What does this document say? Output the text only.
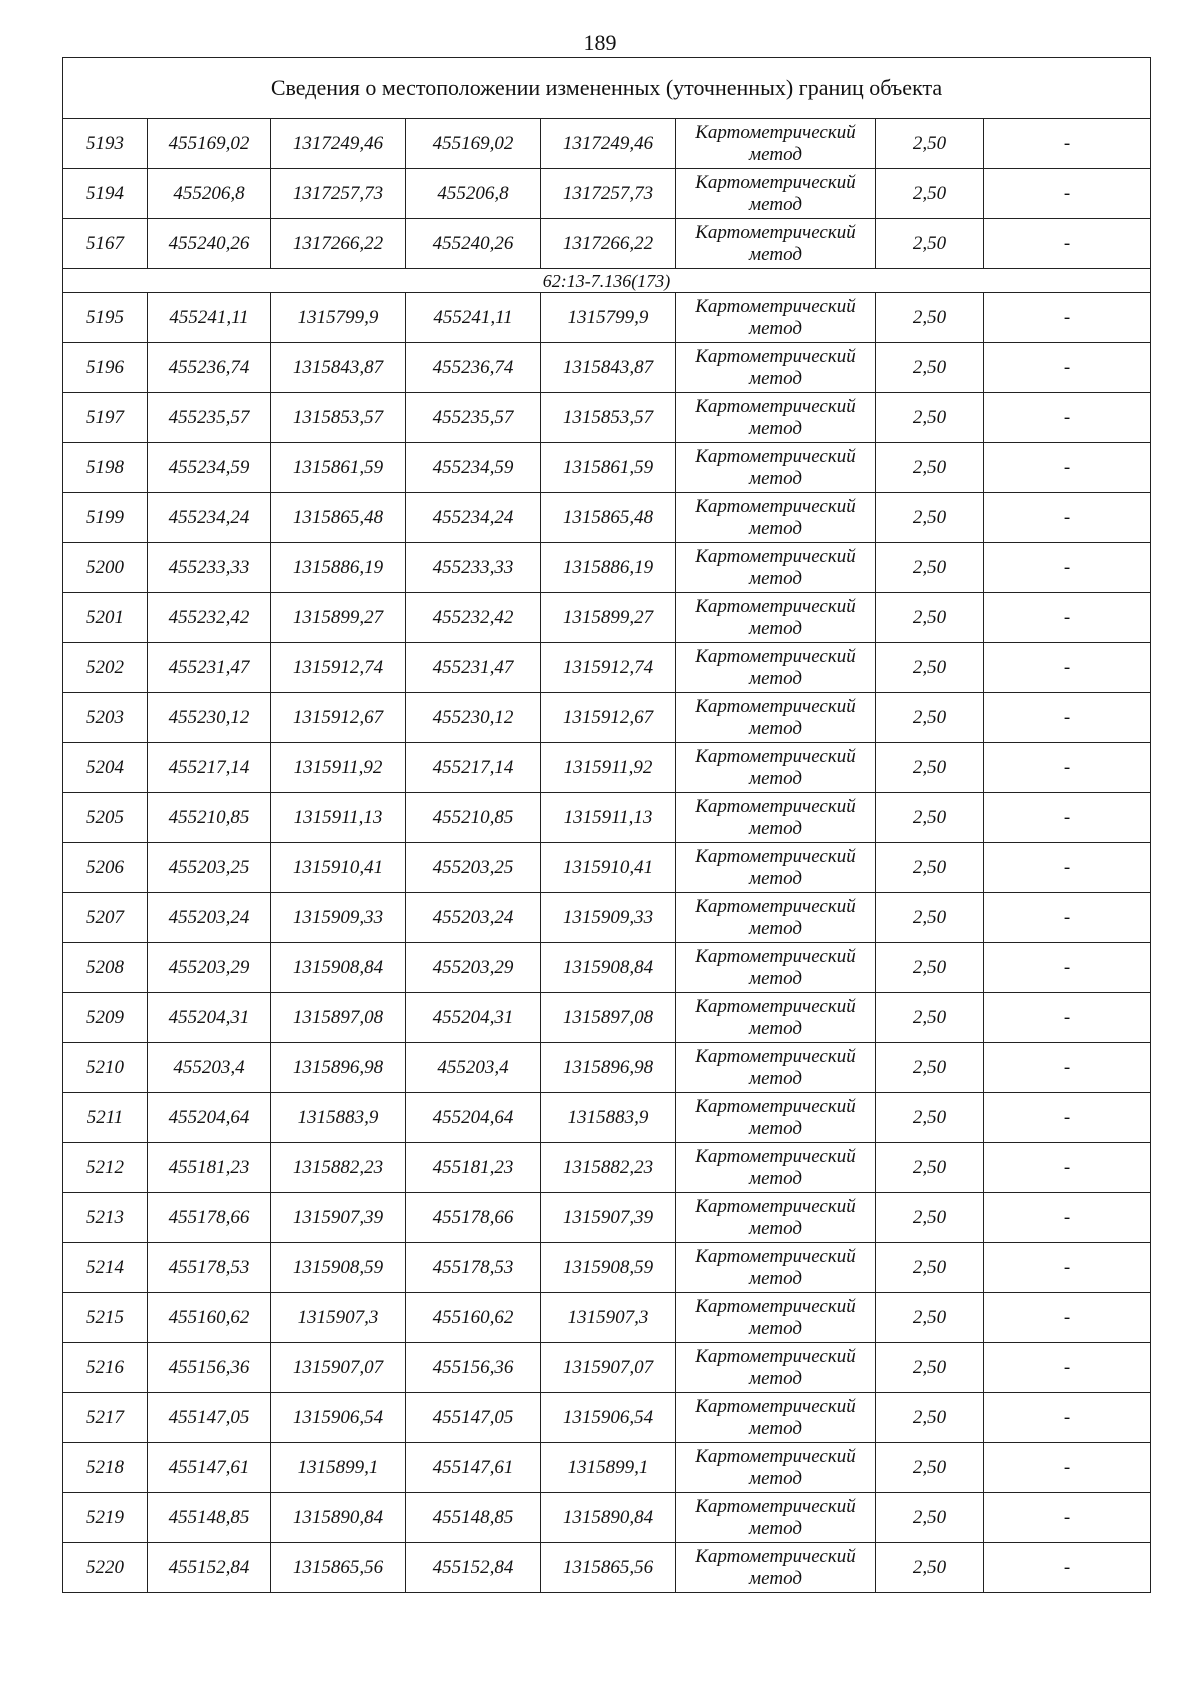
189
Сведения о местоположении измененных (уточненных) границ объекта							
5193	455169,02	1317249,46	455169,02	1317249,46	Картометрический
метод	2,50	-
5194	455206,8	1317257,73	455206,8	1317257,73	Картометрический
метод	2,50	-
5167	455240,26	1317266,22	455240,26	1317266,22	Картометрический
метод	2,50	-
62:13-7.136(173)							
5195	455241,11	1315799,9	455241,11	1315799,9	Картометрический
метод	2,50	-
5196	455236,74	1315843,87	455236,74	1315843,87	Картометрический
метод	2,50	-
5197	455235,57	1315853,57	455235,57	1315853,57	Картометрический
метод	2,50	-
5198	455234,59	1315861,59	455234,59	1315861,59	Картометрический
метод	2,50	-
5199	455234,24	1315865,48	455234,24	1315865,48	Картометрический
метод	2,50	-
5200	455233,33	1315886,19	455233,33	1315886,19	Картометрический
метод	2,50	-
5201	455232,42	1315899,27	455232,42	1315899,27	Картометрический
метод	2,50	-
5202	455231,47	1315912,74	455231,47	1315912,74	Картометрический
метод	2,50	-
5203	455230,12	1315912,67	455230,12	1315912,67	Картометрический
метод	2,50	-
5204	455217,14	1315911,92	455217,14	1315911,92	Картометрический
метод	2,50	-
5205	455210,85	1315911,13	455210,85	1315911,13	Картометрический
метод	2,50	-
5206	455203,25	1315910,41	455203,25	1315910,41	Картометрический
метод	2,50	-
5207	455203,24	1315909,33	455203,24	1315909,33	Картометрический
метод	2,50	-
5208	455203,29	1315908,84	455203,29	1315908,84	Картометрический
метод	2,50	-
5209	455204,31	1315897,08	455204,31	1315897,08	Картометрический
метод	2,50	-
5210	455203,4	1315896,98	455203,4	1315896,98	Картометрический
метод	2,50	-
5211	455204,64	1315883,9	455204,64	1315883,9	Картометрический
метод	2,50	-
5212	455181,23	1315882,23	455181,23	1315882,23	Картометрический
метод	2,50	-
5213	455178,66	1315907,39	455178,66	1315907,39	Картометрический
метод	2,50	-
5214	455178,53	1315908,59	455178,53	1315908,59	Картометрический
метод	2,50	-
5215	455160,62	1315907,3	455160,62	1315907,3	Картометрический
метод	2,50	-
5216	455156,36	1315907,07	455156,36	1315907,07	Картометрический
метод	2,50	-
5217	455147,05	1315906,54	455147,05	1315906,54	Картометрический
метод	2,50	-
5218	455147,61	1315899,1	455147,61	1315899,1	Картометрический
метод	2,50	-
5219	455148,85	1315890,84	455148,85	1315890,84	Картометрический
метод	2,50	-
5220	455152,84	1315865,56	455152,84	1315865,56	Картометрический
метод	2,50	-
